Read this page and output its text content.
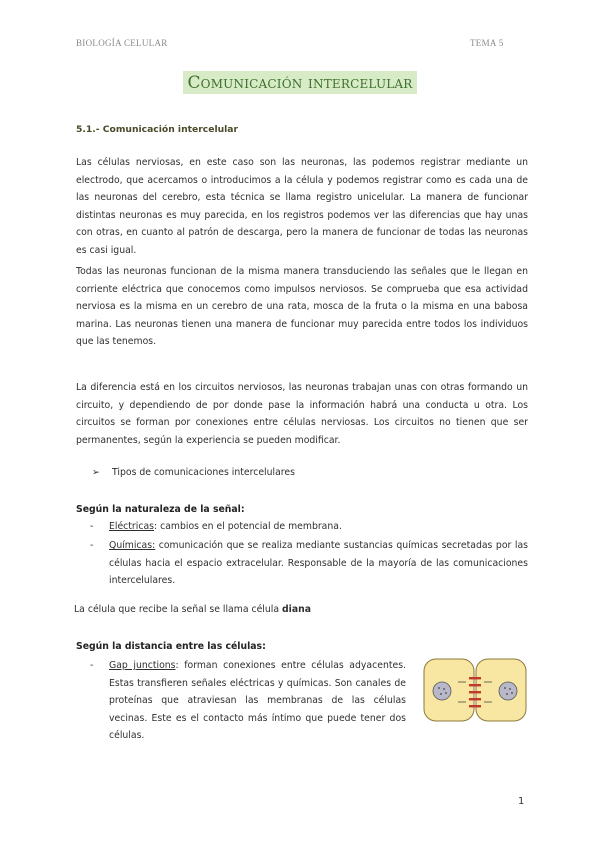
BIOLOGÍA CELULAR	TEMA 5
Comunicación intercelular
5.1.- Comunicación intercelular

Las células nerviosas, en este caso son las neuronas, las podemos registrar mediante un electrodo, que acercamos o introducimos a la célula y podemos registrar como es cada una de las neuronas del cerebro, esta técnica se llama registro unicelular. La manera de funcionar distintas neuronas es muy parecida, en los registros podemos ver las diferencias que hay unas con otras, en cuanto al patrón de descarga, pero la manera de funcionar de todas las neuronas es casi igual.

Todas las neuronas funcionan de la misma manera transduciendo las señales que le llegan en corriente eléctrica que conocemos como impulsos nerviosos. Se comprueba que esa actividad nerviosa es la misma en un cerebro de una rata, mosca de la fruta o la misma en una babosa marina. Las neuronas tienen una manera de funcionar muy parecida entre todos los individuos que las tenemos.

La diferencia está en los circuitos nerviosos, las neuronas trabajan unas con otras formando un circuito, y dependiendo de por donde pase la información habrá una conducta u otra. Los circuitos se forman por conexiones entre células nerviosas. Los circuitos no tienen que ser permanentes, según la experiencia se pueden modificar.

➢ Tipos de comunicaciones intercelulares
Según la naturaleza de la señal:
- Eléctricas: cambios en el potencial de membrana.
- Químicas: comunicación que se realiza mediante sustancias químicas secretadas por las células hacia el espacio extracelular. Responsable de la mayoría de las comunicaciones intercelulares.
La célula que recibe la señal se llama célula diana
Según la distancia entre las células:
- Gap junctions: forman conexiones entre células adyacentes. Estas transfieren señales eléctricas y químicas. Son canales de proteínas que atraviesan las membranas de las células vecinas. Este es el contacto más íntimo que puede tener dos células.
1
